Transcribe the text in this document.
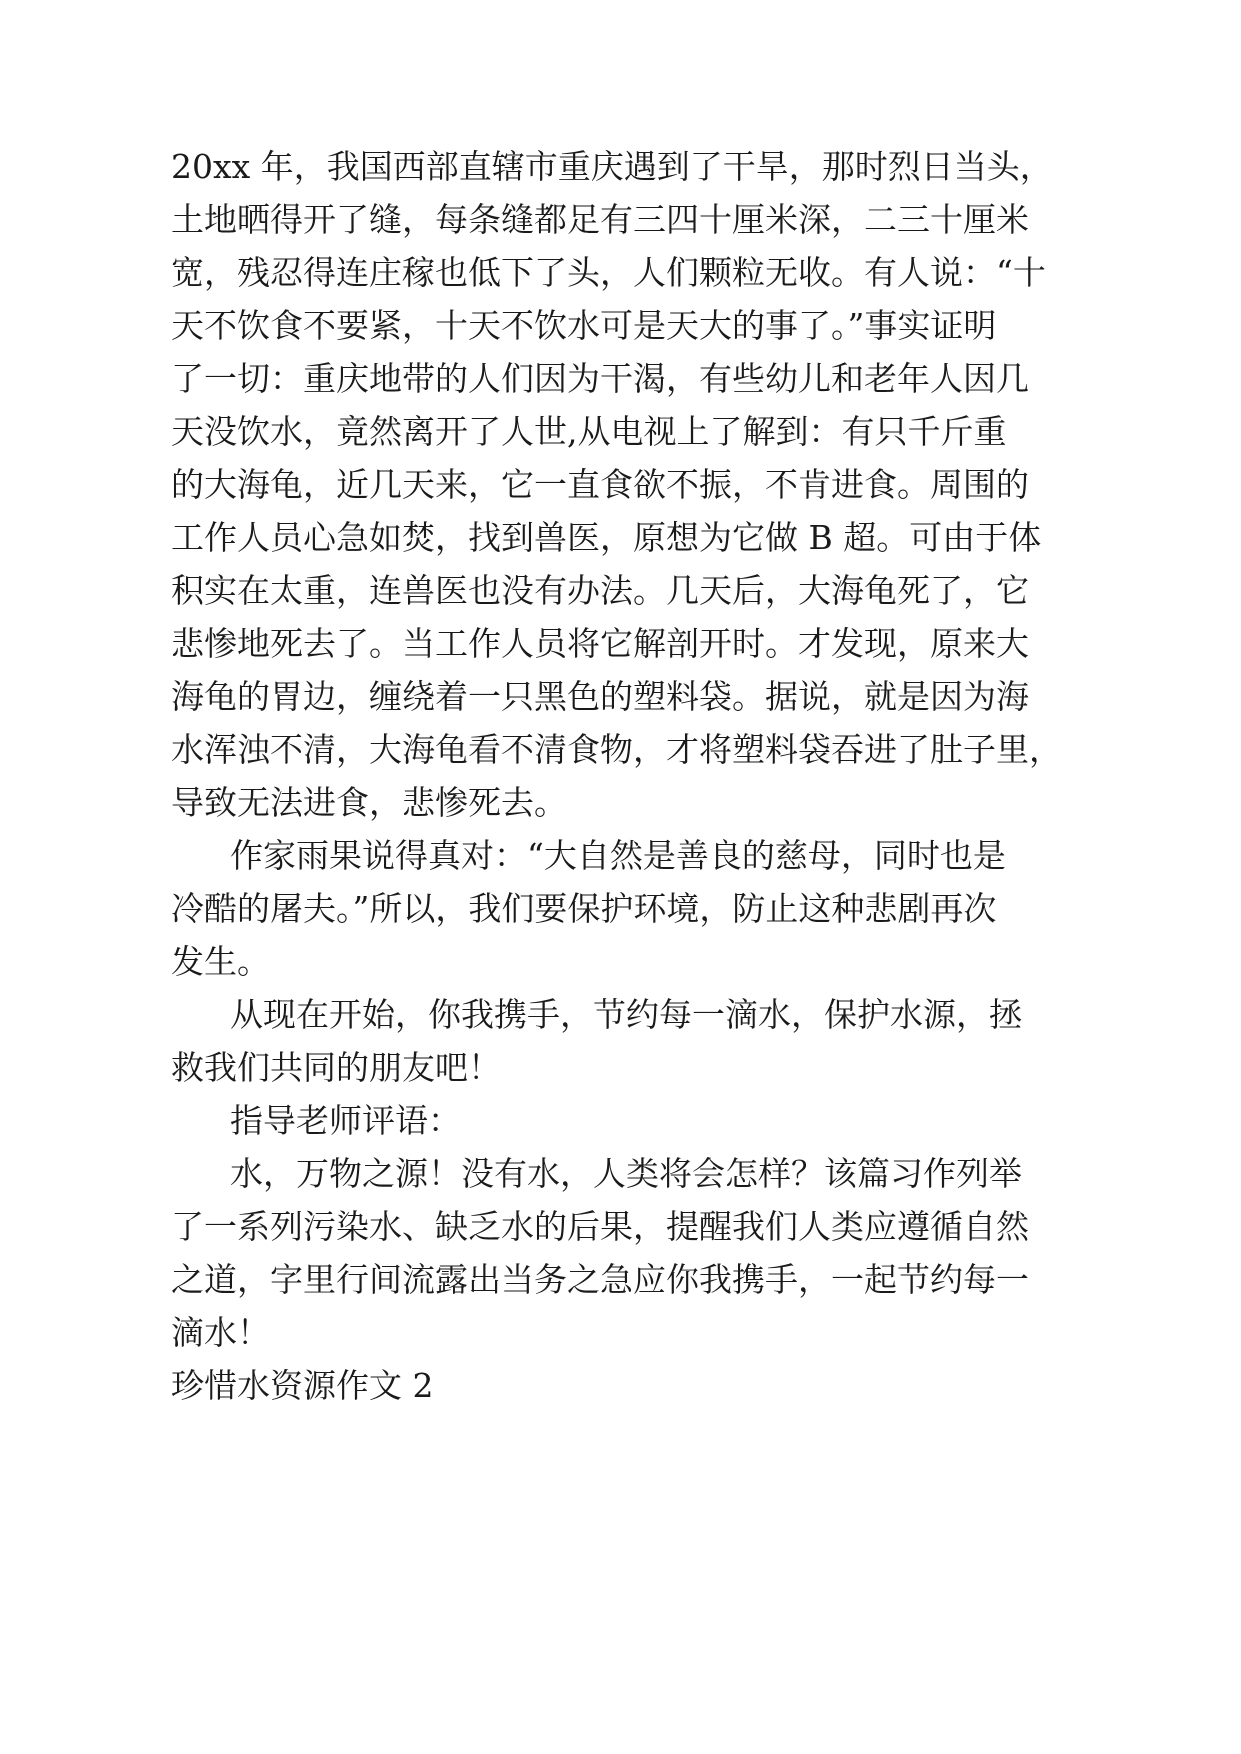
20xx 年，我国西部直辖市重庆遇到了干旱，那时烈日当头，
土地晒得开了缝，每条缝都足有三四十厘米深，二三十厘米
宽，残忍得连庄稼也低下了头，人们颗粒无收。有人说：“十
天不饮食不要紧，十天不饮水可是天大的事了。”事实证明
了一切：重庆地带的人们因为干渴，有些幼儿和老年人因几
天没饮水，竟然离开了人世,从电视上了解到：有只千斤重
的大海龟，近几天来，它一直食欲不振，不肯进食。周围的
工作人员心急如焚，找到兽医，原想为它做 B 超。可由于体
积实在太重，连兽医也没有办法。几天后，大海龟死了，它
悲惨地死去了。当工作人员将它解剖开时。才发现，原来大
海龟的胃边，缠绕着一只黑色的塑料袋。据说，就是因为海
水浑浊不清，大海龟看不清食物，才将塑料袋吞进了肚子里，
导致无法进食，悲惨死去。
作家雨果说得真对：“大自然是善良的慈母，同时也是
冷酷的屠夫。”所以，我们要保护环境，防止这种悲剧再次
发生。
从现在开始，你我携手，节约每一滴水，保护水源，拯
救我们共同的朋友吧！
指导老师评语：
水，万物之源！没有水，人类将会怎样？该篇习作列举
了一系列污染水、缺乏水的后果，提醒我们人类应遵循自然
之道，字里行间流露出当务之急应你我携手，一起节约每一
滴水！
珍惜水资源作文 2
